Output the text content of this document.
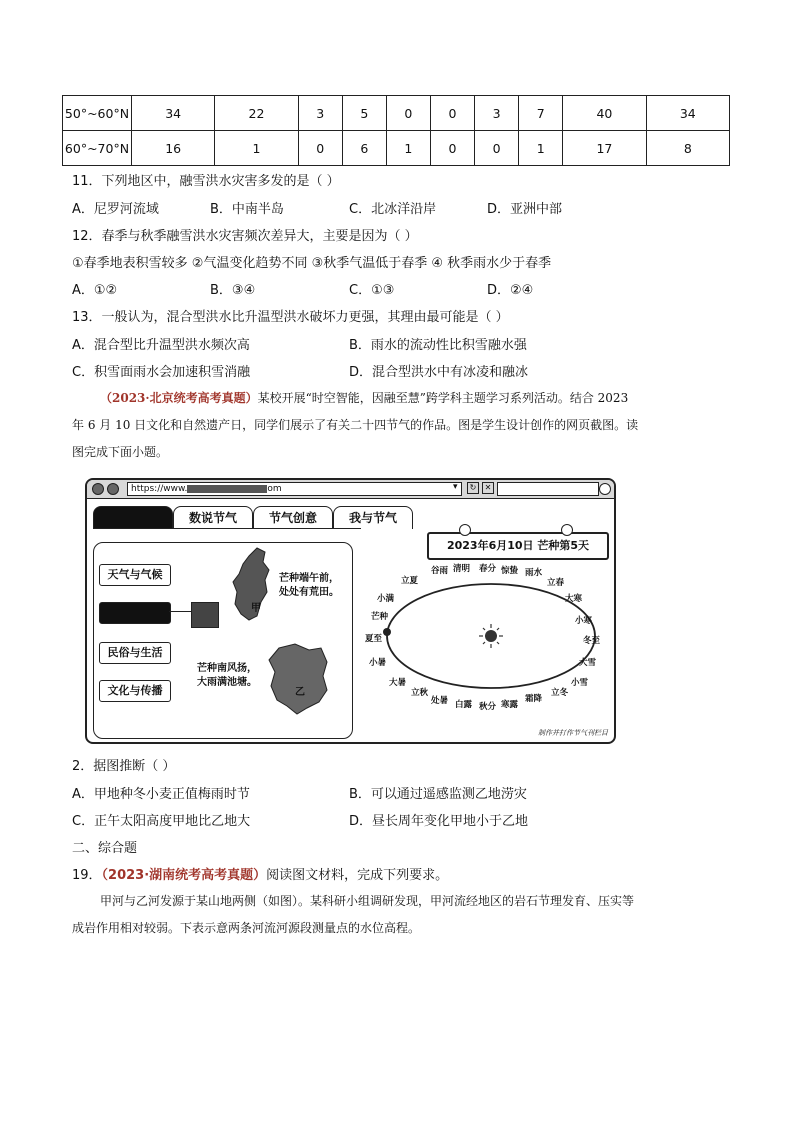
50°~60°N	34	22	3	5	0	0	3	7	40	34
60°~70°N	16	1	0	6	1	0	0	1	17	8
11．下列地区中，融雪洪水灾害多发的是（ ）
A．尼罗河流域	B．中南半岛	C．北冰洋沿岸	D．亚洲中部
12．春季与秋季融雪洪水灾害频次差异大，主要是因为（ ）
①春季地表积雪较多 ②气温变化趋势不同 ③秋季气温低于春季 ④ 秋季雨水少于春季
A．①②	B．③④	C．①③	D．②④
13．一般认为，混合型洪水比升温型洪水破坏力更强，其理由最可能是（ ）
A．混合型比升温型洪水频次高	B．雨水的流动性比积雪融水强
C．积雪面雨水会加速积雪消融	D．混合型洪水中有冰凌和融冰
（2023·北京统考高考真题）某校开展“时空智能，因融至慧”跨学科主题学习系列活动。结合 2023
年 6 月 10 日文化和自然遗产日，同学们展示了有关二十四节气的作品。图是学生设计创作的网页截图。读
图完成下面小题。
https://www.	om	▾	↻	✕
数说节气	节气创意	我与节气
天气与气候
民俗与生活
文化与传播
甲
芒种端午前，
处处有荒田。
乙
芒种南风扬，
大雨满池塘。
2023年6月10日 芒种第5天
立夏
谷雨 清明 春分 惊蛰 雨水
立春
大寒
小寒
冬至
大雪
小雪
立冬
霜降
寒露
秋分
白露
处暑
立秋
大暑
小暑
夏至
芒种
小满
制作并打作节气刊栏目
2．据图推断（ ）
A．甲地种冬小麦正值梅雨时节	B．可以通过遥感监测乙地涝灾
C．正午太阳高度甲地比乙地大	D．昼长周年变化甲地小于乙地
二、综合题
19．（2023·湖南统考高考真题）阅读图文材料，完成下列要求。
甲河与乙河发源于某山地两侧（如图）。某科研小组调研发现，甲河流经地区的岩石节理发育、压实等
成岩作用相对较弱。下表示意两条河流河源段测量点的水位高程。
